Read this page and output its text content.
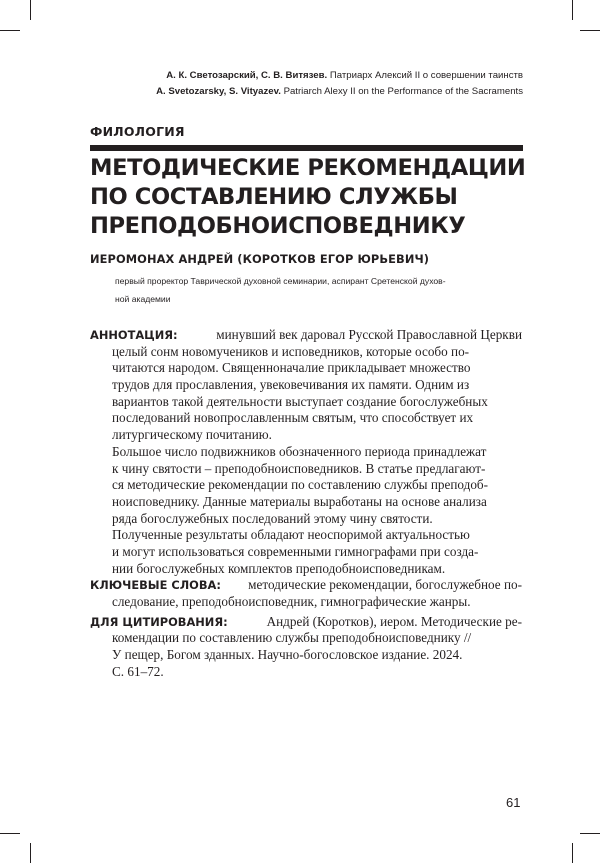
А. К. Светозарский, С. В. Витязев. Патриарх Алексий II о совершении таинств
A. Svetozarsky, S. Vityazev. Patriarch Alexy II on the Performance of the Sacraments
ФИЛОЛОГИЯ
МЕТОДИЧЕСКИЕ РЕКОМЕНДАЦИИ
ПО СОСТАВЛЕНИЮ СЛУЖБЫ
ПРЕПОДОБНОИСПОВЕДНИКУ
ИЕРОМОНАХ АНДРЕЙ (КОРОТКОВ ЕГОР ЮРЬЕВИЧ)
первый проректор Таврической духовной семинарии, аспирант Сретенской духов-
ной академии
АННОТАЦИЯ:	минувший век даровал Русской Православной Церкви
целый сонм новомучеников и исповедников, которые особо по-
читаются народом. Священноначалие прикладывает множество
трудов для прославления, увековечивания их памяти. Одним из
вариантов такой деятельности выступает создание богослужебных
последований новопрославленным святым, что способствует их
литургическому почитанию.
Большое число подвижников обозначенного периода принадлежат
к чину святости – преподобноисповедников. В статье предлагают-
ся методические рекомендации по составлению службы преподоб-
ноисповеднику. Данные материалы выработаны на основе анализа
ряда богослужебных последований этому чину святости.
Полученные результаты обладают неоспоримой актуальностью
и могут использоваться современными гимнографами при созда-
нии богослужебных комплектов преподобноисповедникам.
КЛЮЧЕВЫЕ СЛОВА: методические рекомендации, богослужебное по-
следование, преподобноисповедник, гимнографические жанры.
ДЛЯ ЦИТИРОВАНИЯ:	Андрей (Коротков), иером. Методические ре-
комендации по составлению службы преподобноисповеднику //
У пещер, Богом зданных. Научно-богословское издание. 2024.
С. 61–72.
61
